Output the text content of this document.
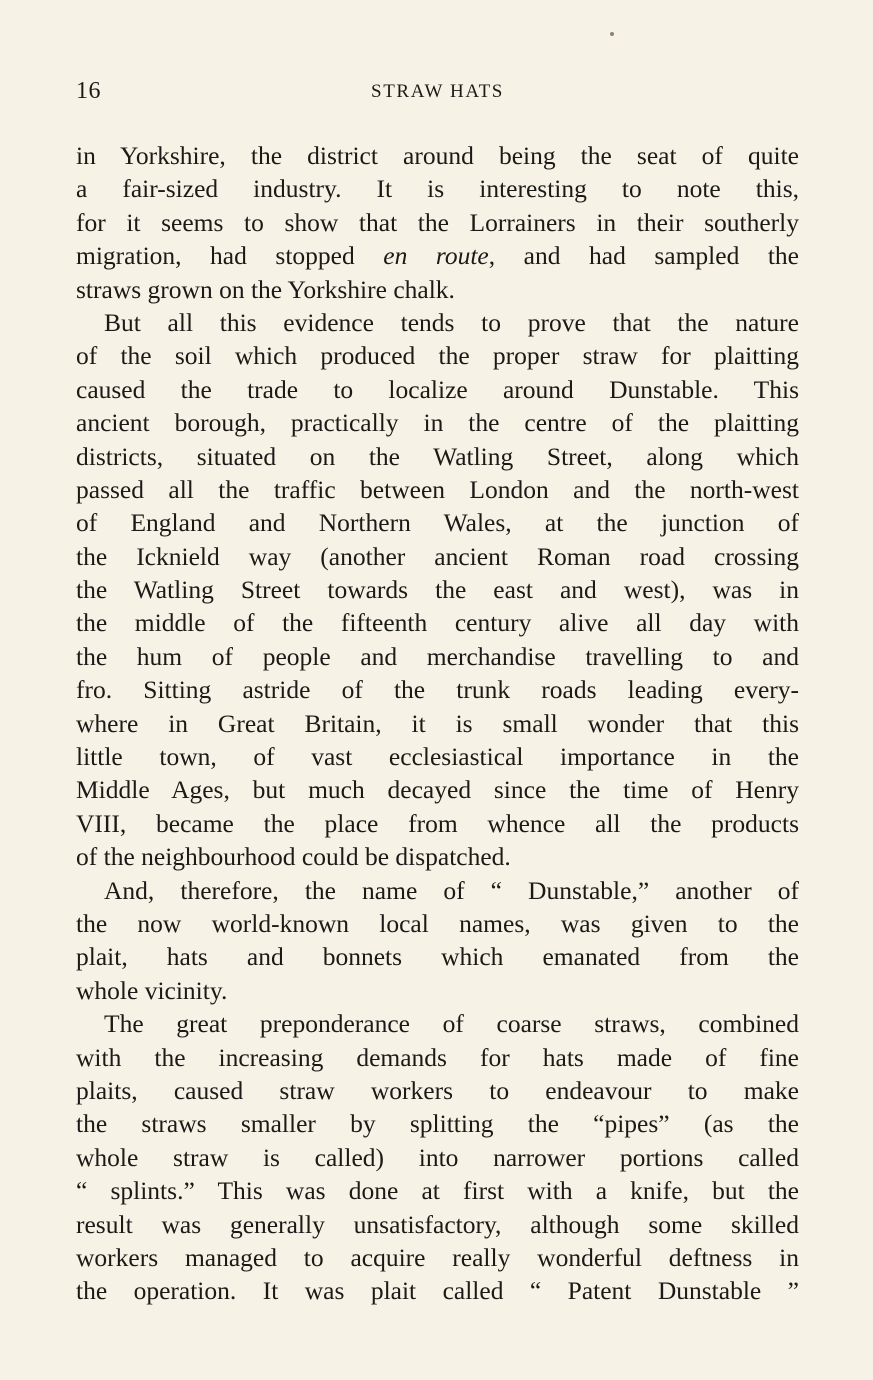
16	STRAW HATS
in Yorkshire, the district around being the seat of quite
a fair-sized industry. It is interesting to note this,
for it seems to show that the Lorrainers in their southerly
migration, had stopped en route, and had sampled the
straws grown on the Yorkshire chalk.
But all this evidence tends to prove that the nature
of the soil which produced the proper straw for plaitting
caused the trade to localize around Dunstable. This
ancient borough, practically in the centre of the plaitting
districts, situated on the Watling Street, along which
passed all the traffic between London and the north-west
of England and Northern Wales, at the junction of
the Icknield way (another ancient Roman road crossing
the Watling Street towards the east and west), was in
the middle of the fifteenth century alive all day with
the hum of people and merchandise travelling to and
fro. Sitting astride of the trunk roads leading every-
where in Great Britain, it is small wonder that this
little town, of vast ecclesiastical importance in the
Middle Ages, but much decayed since the time of Henry
VIII, became the place from whence all the products
of the neighbourhood could be dispatched.
And, therefore, the name of “ Dunstable,” another of
the now world-known local names, was given to the
plait, hats and bonnets which emanated from the
whole vicinity.
The great preponderance of coarse straws, combined
with the increasing demands for hats made of fine
plaits, caused straw workers to endeavour to make
the straws smaller by splitting the “pipes” (as the
whole straw is called) into narrower portions called
“ splints.” This was done at first with a knife, but the
result was generally unsatisfactory, although some skilled
workers managed to acquire really wonderful deftness in
the operation. It was plait called “ Patent Dunstable ”
